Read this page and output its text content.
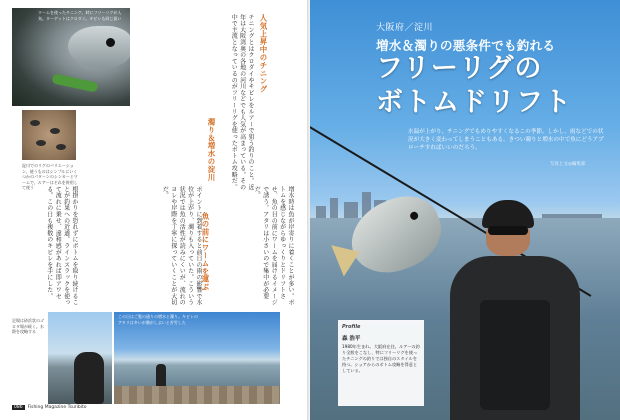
ワームを使ったチニング。時にフリーリグが人気。ターゲットはクロダイ。キビレも同じ扱い
淀川でのリグのバリエーション。使うものはシンプルにいくつかのパターンのシンカーとワームで、ルアーはそれを併用して使う
人気上昇中のチニング
チニングとはクロダイやキビレをルアーで狙う釣りのこと。近年は大阪湾奥の各地の河川などでも人気が高まっている。その中で主流となっているのがフリーリグを使ったボトム攻略だ。
濁り＆増水の淀川
ポイントに到着すると前日の雨の影響で水位が上がり、濁りも入っていた。こういう状況では魚の活性が読みにくいが、流れのヨレや岸際を丁寧に探っていくことが大切だ。	増水時は魚が岸寄りに着くことが多い。ボトムを感じながらゆっくりとドリフトさせ、魚の目の前にワームを届けるイメージで誘う。アタリは小さいので集中が必要だ。
魚の前にワームを運ぶ
根掛かりを恐れずにボトムを取り続けることが釣果への近道。ラインスラックを使って流れに乗せ、違和感があれば即アワセる。この日も複数のキビレを手にした。
足場は砂浜状のゴロタ場が続く。水際を攻略する
この日はご覧の通りの増水と濁り。キビレのアタリは多いが潮がしぶいと苦労した
086 Fishing Magazine Tsuribito
大阪府／淀川
増水＆濁りの悪条件でも釣れる
フリーリグの
ボトムドリフト
水温が上がり、チニングでもめりやすくなるこの季節。しかし、雨などでの状況が大きく変わってしまうこともある。きつい濁りと増水の中で魚にどうアプローチすればいいのだろう。
写真と文◎編集部
Profile
森 浩平
1980年生まれ。大阪府在住。ルアーの釣り全般をこなし、特にフリーリグを使ったチニングの釣りでは独自のスタイルを持つ。ショアからのボトム攻略を得意としている。
